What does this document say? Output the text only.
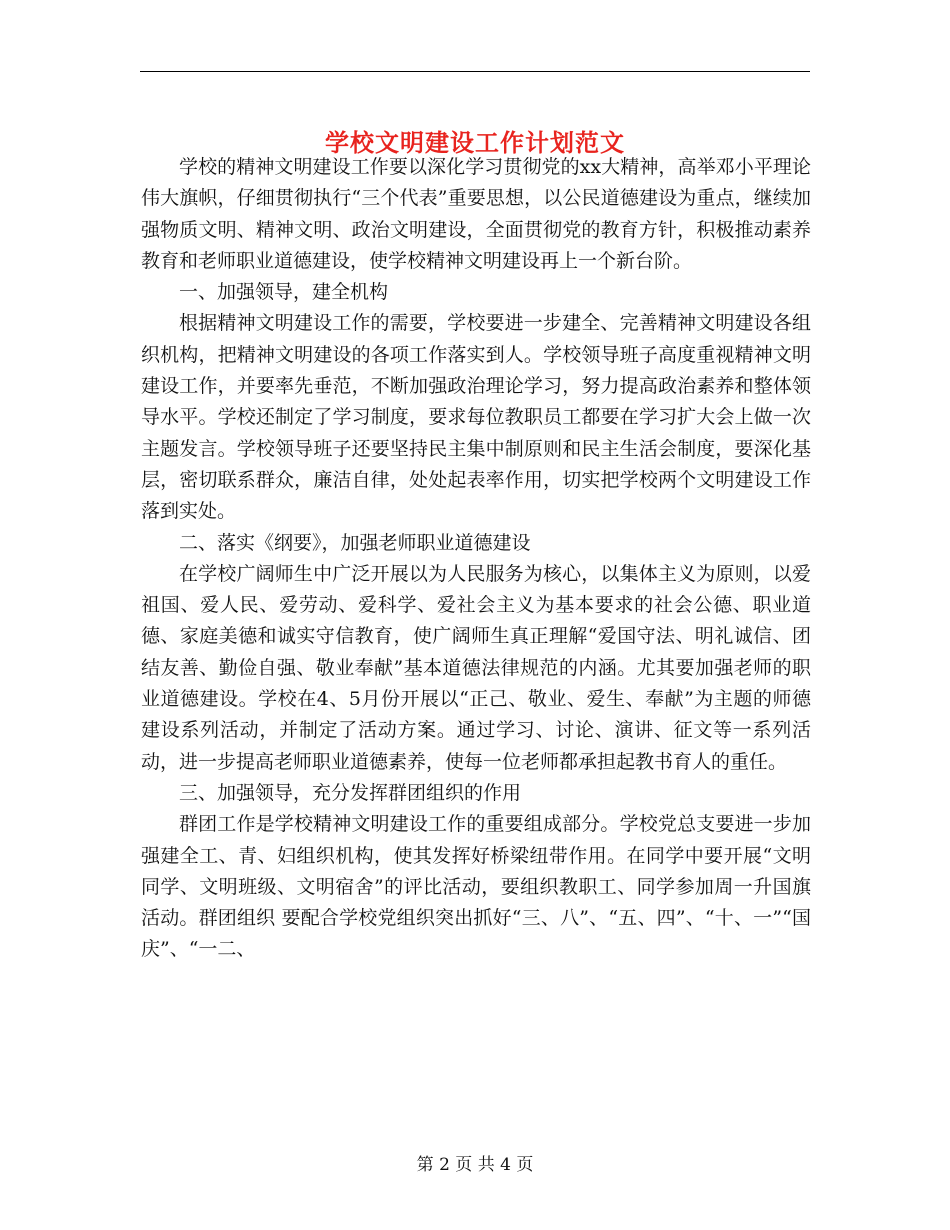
学校文明建设工作计划范文

学校的精神文明建设工作要以深化学习贯彻党的xx大精神，高举邓小平理论伟大旗帜，仔细贯彻执行“三个代表”重要思想，以公民道德建设为重点，继续加强物质文明、精神文明、政治文明建设，全面贯彻党的教育方针，积极推动素养教育和老师职业道德建设，使学校精神文明建设再上一个新台阶。

一、加强领导，建全机构

根据精神文明建设工作的需要，学校要进一步建全、完善精神文明建设各组织机构，把精神文明建设的各项工作落实到人。学校领导班子高度重视精神文明建设工作，并要率先垂范，不断加强政治理论学习，努力提高政治素养和整体领导水平。学校还制定了学习制度，要求每位教职员工都要在学习扩大会上做一次主题发言。学校领导班子还要坚持民主集中制原则和民主生活会制度，要深化基层，密切联系群众，廉洁自律，处处起表率作用，切实把学校两个文明建设工作落到实处。

二、落实《纲要》，加强老师职业道德建设

在学校广阔师生中广泛开展以为人民服务为核心，以集体主义为原则，以爱祖国、爱人民、爱劳动、爱科学、爱社会主义为基本要求的社会公德、职业道德、家庭美德和诚实守信教育，使广阔师生真正理解“爱国守法、明礼诚信、团结友善、勤俭自强、敬业奉献”基本道德法律规范的内涵。尤其要加强老师的职业道德建设。学校在4、5月份开展以“正己、敬业、爱生、奉献”为主题的师德建设系列活动，并制定了活动方案。通过学习、讨论、演讲、征文等一系列活动，进一步提高老师职业道德素养，使每一位老师都承担起教书育人的重任。

三、加强领导，充分发挥群团组织的作用

群团工作是学校精神文明建设工作的重要组成部分。学校党总支要进一步加强建全工、青、妇组织机构，使其发挥好桥梁纽带作用。在同学中要开展“文明同学、文明班级、文明宿舍”的评比活动，要组织教职工、同学参加周一升国旗活动。群团组织 要配合学校党组织突出抓好“三、八”、“五、四”、“十、一”“国庆”、“一二、

第 2 页 共 4 页
